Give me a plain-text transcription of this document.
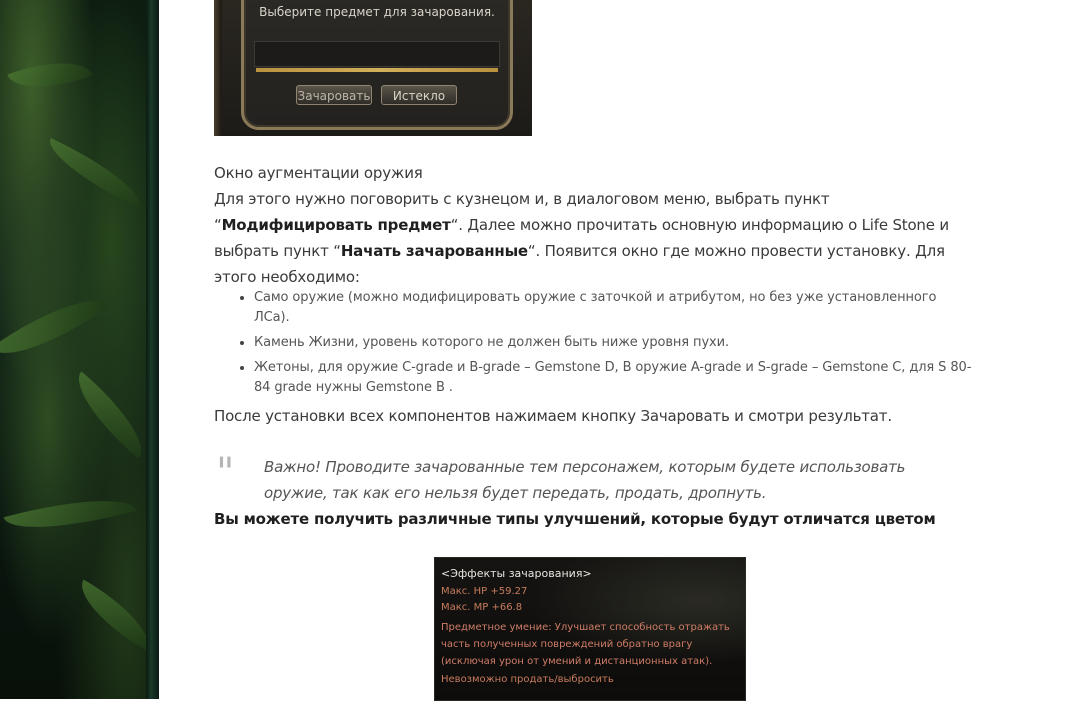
Выберите предмет для зачарования.
Зачаровать	Истекло
Окно аугментации оружия
Для этого нужно поговорить с кузнецом и, в диалоговом меню, выбрать пункт “Модифицировать предмет“. Далее можно прочитать основную информацию о Life Stone и выбрать пункт “Начать зачарованные“. Появится окно где можно провести установку. Для этого необходимо:
Само оружие (можно модифицировать оружие с заточкой и атрибутом, но без уже установленного ЛСа).
Камень Жизни, уровень которого не должен быть ниже уровня пухи.
Жетоны, для оружие C-grade и B-grade – Gemstone D, В оружие A-grade и S-grade – Gemstone C, для S 80-84 grade нужны Gemstone B .
После установки всех компонентов нажимаем кнопку Зачаровать и смотри результат.
" Важно! Проводите зачарованные тем персонажем, которым будете использовать оружие, так как его нельзя будет передать, продать, дропнуть.
Вы можете получить различные типы улучшений, которые будут отличатся цветом
<Эффекты зачарования>
Макс. HP +59.27
Макс. MP +66.8
Предметное умение: Улучшает способность отражать часть полученных повреждений обратно врагу (исключая урон от умений и дистанционных атак).
Невозможно продать/выбросить
